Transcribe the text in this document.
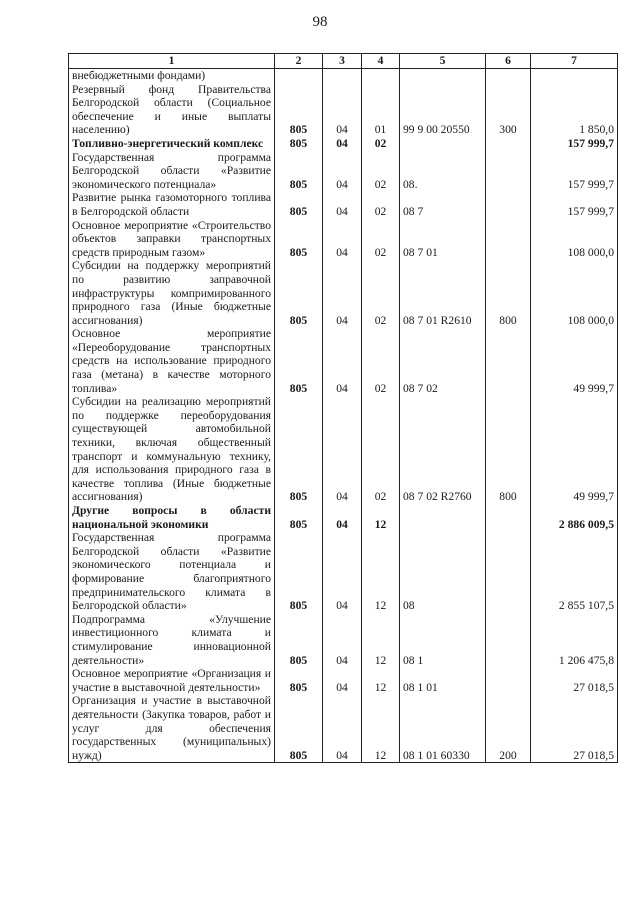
98
1	2	3	4	5	6	7
внебюджетными фондами)						
Резервный фонд Правительства Белгородской области (Социальное обеспечение и иные выплаты населению)	805	04	01	99 9 00 20550	300	1 850,0
Топливно-энергетический комплекс	805	04	02			157 999,7
Государственная программа Белгородской области «Развитие экономического потенциала»	805	04	02	08.		157 999,7
Развитие рынка газомоторного топлива в Белгородской области	805	04	02	08 7		157 999,7
Основное мероприятие «Строительство объектов заправки транспортных средств природным газом»	805	04	02	08 7 01		108 000,0
Субсидии на поддержку мероприятий по развитию заправочной инфраструктуры компримированного природного газа (Иные бюджетные ассигнования)	805	04	02	08 7 01 R2610	800	108 000,0
Основное мероприятие «Переоборудование транспортных средств на использование природного газа (метана) в качестве моторного топлива»	805	04	02	08 7 02		49 999,7
Субсидии на реализацию мероприятий по поддержке переоборудования существующей автомобильной техники, включая общественный транспорт и коммунальную технику, для использования природного газа в качестве топлива (Иные бюджетные ассигнования)	805	04	02	08 7 02 R2760	800	49 999,7
Другие вопросы в области национальной экономики	805	04	12			2 886 009,5
Государственная программа Белгородской области «Развитие экономического потенциала и формирование благоприятного предпринимательского климата в Белгородской области»	805	04	12	08		2 855 107,5
Подпрограмма «Улучшение инвестиционного климата и стимулирование инновационной деятельности»	805	04	12	08 1		1 206 475,8
Основное мероприятие «Организация и участие в выставочной деятельности»	805	04	12	08 1 01		27 018,5
Организация и участие в выставочной деятельности (Закупка товаров, работ и услуг для обеспечения государственных (муниципальных) нужд)	805	04	12	08 1 01 60330	200	27 018,5
